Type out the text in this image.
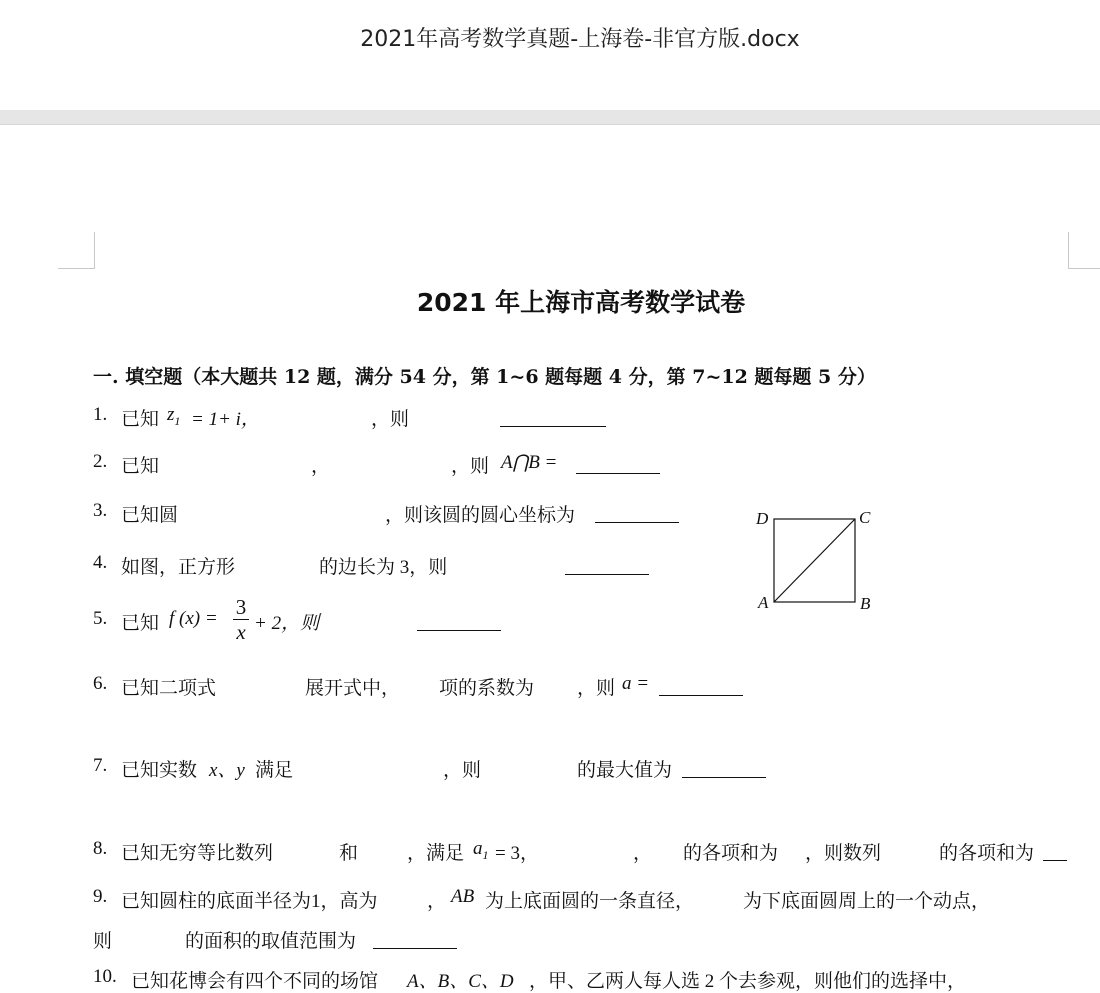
2021年高考数学真题-上海卷-非官方版.docx
2021 年上海市高考数学试卷
一. 填空题（本大题共 12 题，满分 54 分，第 1~6 题每题 4 分，第 7~12 题每题 5 分）
1. 已知 $z_1 = 1+ i$，	，则
2. 已知	，	，则 A⋂B =
3. 已知圆	，则该圆的圆心坐标为
4. 如图，正方形	的边长为 3，则
5. 已知 f (x) = 3
x + 2，则
6. 已知二项式	展开式中， 项的系数为 ，则 a =
7. 已知实数 x、y 满足	，则	的最大值为
8. 已知无穷等比数列	和	，满足 $a_1 = 3$，	， 的各项和为 ，则数列	的各项和为
9. 已知圆柱的底面半径为1，高为	， AB 为上底面圆的一条直径，	为下底面圆周上的一个动点，
则	的面积的取值范围为
10. 已知花博会有四个不同的场馆 A、B、C、D ，甲、乙两人每人选 2 个去参观，则他们的选择中，
D	C
A	B
